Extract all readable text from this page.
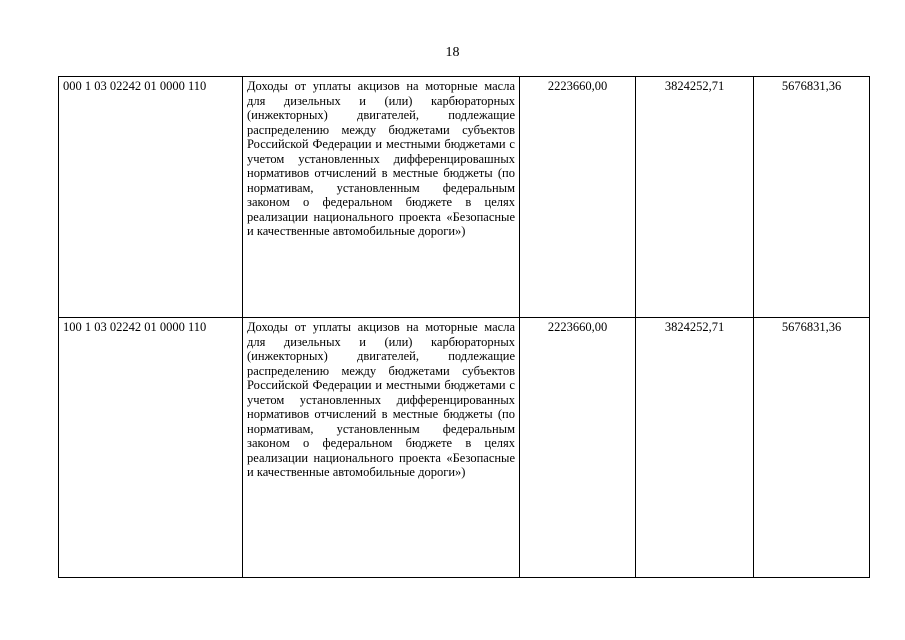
18
000 1 03 02242 01 0000 110	Доходы от уплаты акцизов на моторные масла для дизельных и (или) карбюраторных (инжекторных) двигателей, подлежащие распределению между бюджетами субъектов Российской Федерации и местными бюджетами с учетом установленных дифференцировашных нормативов отчислений в местные бюджеты (по нормативам, установленным федеральным законом о федеральном бюджете в целях реализации национального проекта «Безопасные и качественные автомобильные дороги»)	2223660,00	3824252,71	5676831,36
100 1 03 02242 01 0000 110	Доходы от уплаты акцизов на моторные масла для дизельных и (или) карбюраторных (инжекторных) двигателей, подлежащие распределению между бюджетами субъектов Российской Федерации и местными бюджетами с учетом установленных дифференцированных нормативов отчислений в местные бюджеты (по нормативам, установленным федеральным законом о федеральном бюджете в целях реализации национального проекта «Безопасные и качественные автомобильные дороги»)	2223660,00	3824252,71	5676831,36
